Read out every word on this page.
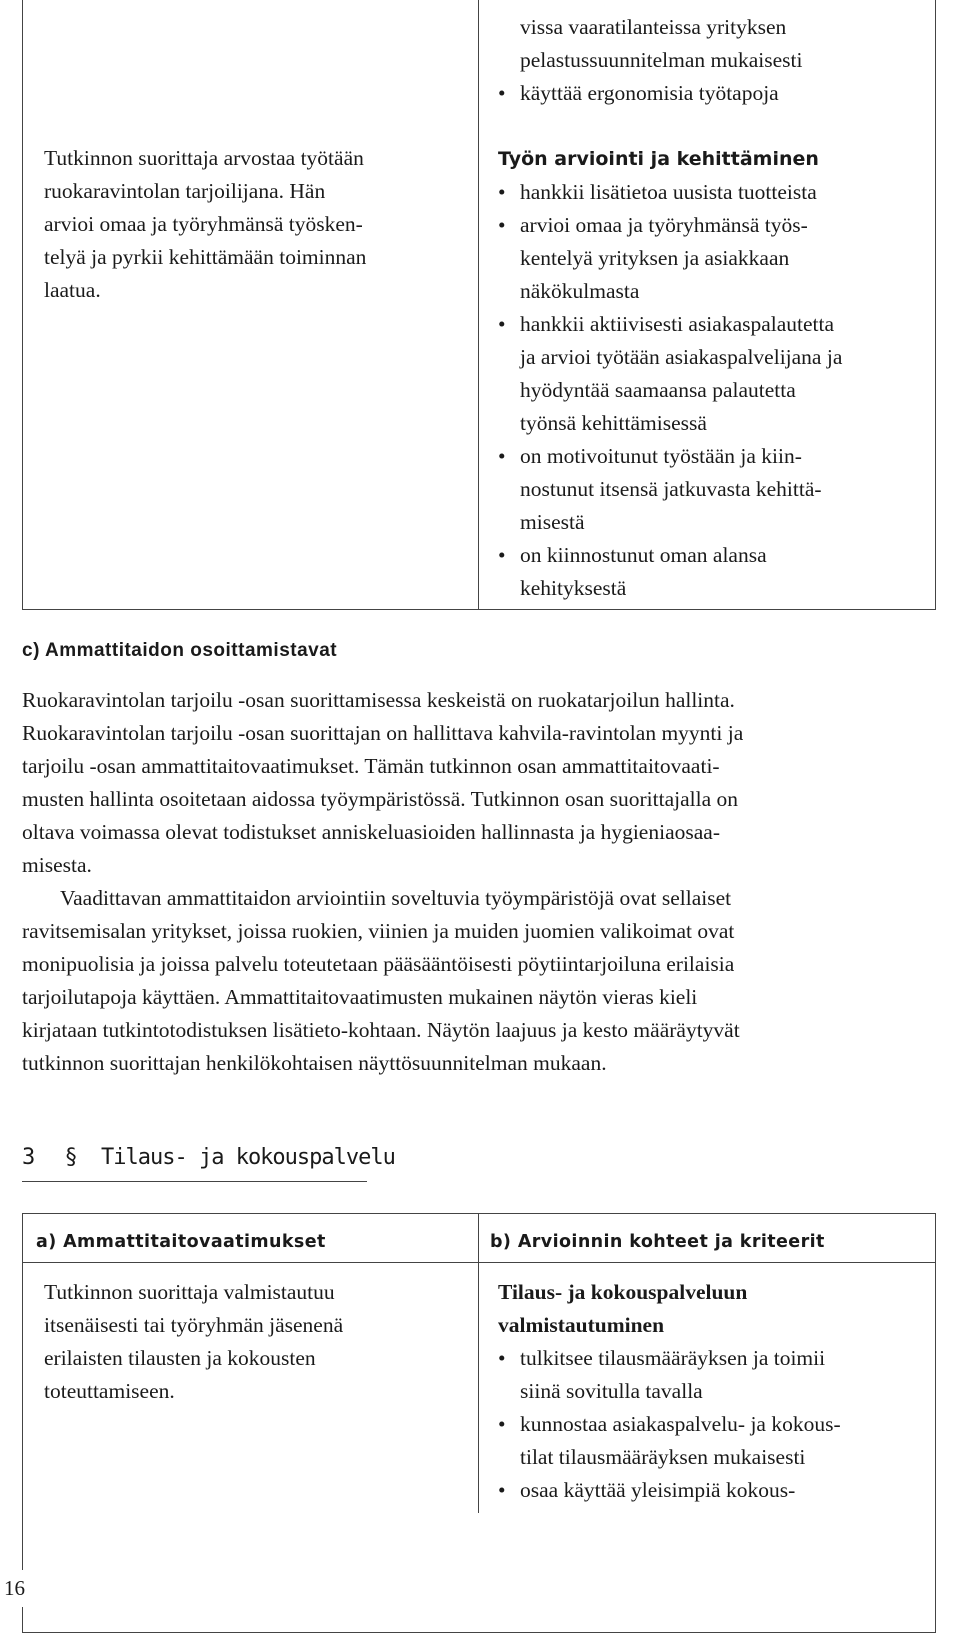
Tutkinnon suorittaja arvostaa työtään
ruokaravintolan tarjoilijana. Hän
arvioi omaa ja työryhmänsä työsken-
telyä ja pyrkii kehittämään toiminnan
laatua.
vissa vaaratilanteissa yrityksen
pelastussuunnitelman mukaisesti
• käyttää ergonomisia työtapoja
Työn arviointi ja kehittäminen
• hankkii lisätietoa uusista tuotteista
• arvioi omaa ja työryhmänsä työs-
kentelyä yrityksen ja asiakkaan
näkökulmasta
• hankkii aktiivisesti asiakaspalautetta
ja arvioi työtään asiakaspalvelijana ja
hyödyntää saamaansa palautetta
työnsä kehittämisessä
• on motivoitunut työstään ja kiin-
nostunut itsensä jatkuvasta kehittä-
misestä
• on kiinnostunut oman alansa
kehityksestä
c) Ammattitaidon osoittamistavat
Ruokaravintolan tarjoilu -osan suorittamisessa keskeistä on ruokatarjoilun hallinta.
Ruokaravintolan tarjoilu -osan suorittajan on hallittava kahvila-ravintolan myynti ja
tarjoilu -osan ammattitaitovaatimukset. Tämän tutkinnon osan ammattitaitovaati-
musten hallinta osoitetaan aidossa työympäristössä. Tutkinnon osan suorittajalla on
oltava voimassa olevat todistukset anniskeluasioiden hallinnasta ja hygieniaosaa-
misesta.
Vaadittavan ammattitaidon arviointiin soveltuvia työympäristöjä ovat sellaiset
ravitsemisalan yritykset, joissa ruokien, viinien ja muiden juomien valikoimat ovat
monipuolisia ja joissa palvelu toteutetaan pääsääntöisesti pöytiintarjoiluna erilaisia
tarjoilutapoja käyttäen. Ammattitaitovaatimusten mukainen näytön vieras kieli
kirjataan tutkintotodistuksen lisätieto-kohtaan. Näytön laajuus ja kesto määräytyvät
tutkinnon suorittajan henkilökohtaisen näyttösuunnitelman mukaan.
3 § Tilaus- ja kokouspalvelu
a) Ammattitaitovaatimukset	b) Arvioinnin kohteet ja kriteerit
Tutkinnon suorittaja valmistautuu
itsenäisesti tai työryhmän jäsenenä
erilaisten tilausten ja kokousten
toteuttamiseen.
Tilaus- ja kokouspalveluun
valmistautuminen
• tulkitsee tilausmääräyksen ja toimii
siinä sovitulla tavalla
• kunnostaa asiakaspalvelu- ja kokous-
tilat tilausmääräyksen mukaisesti
• osaa käyttää yleisimpiä kokous-
16
